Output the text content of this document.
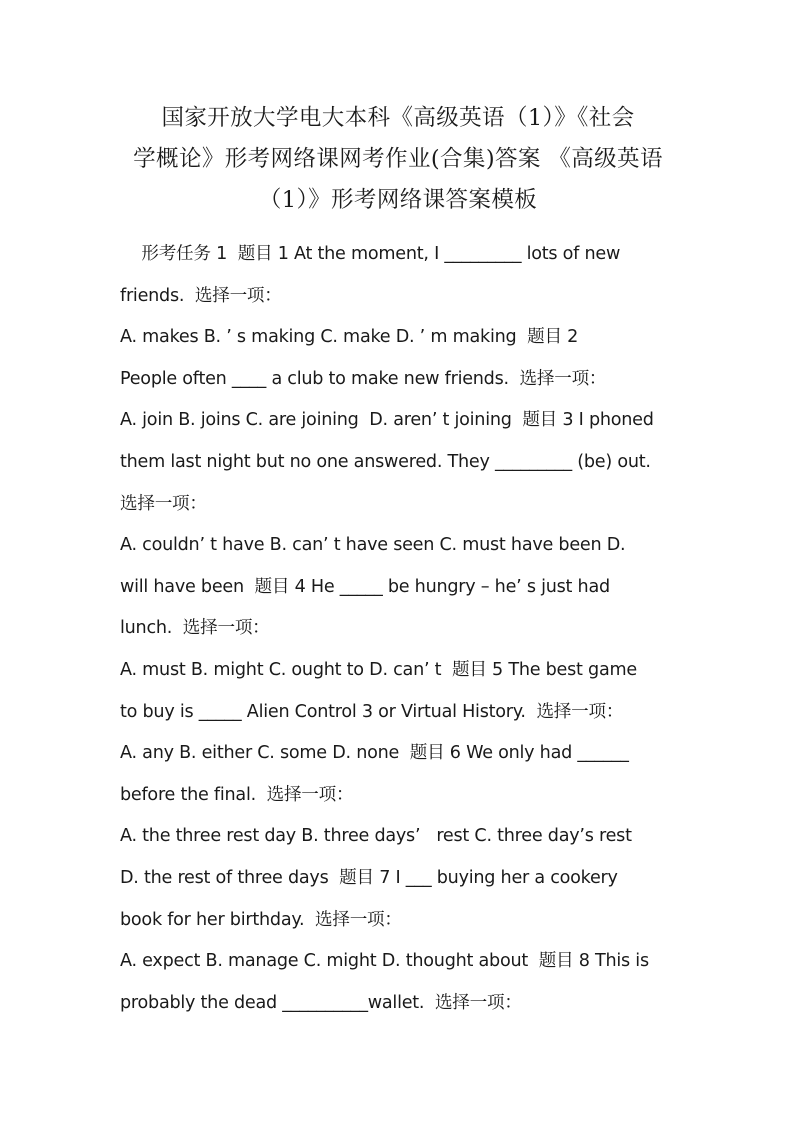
国家开放大学电大本科《高级英语（1）》《社会
学概论》形考网络课网考作业(合集)答案 《高级英语
（1）》形考网络课答案模板
形考任务 1  题目 1 At the moment, I _________ lots of new
friends.  选择一项：
A. makes B. ’ s making C. make D. ’ m making  题目 2
People often ____ a club to make new friends.  选择一项：
A. join B. joins C. are joining  D. aren’ t joining  题目 3 I phoned
them last night but no one answered. They _________ (be) out.
选择一项：
A. couldn’ t have B. can’ t have seen C. must have been D.
will have been  题目 4 He _____ be hungry – he’ s just had
lunch.  选择一项：
A. must B. might C. ought to D. can’ t  题目 5 The best game
to buy is _____ Alien Control 3 or Virtual History.  选择一项：
A. any B. either C. some D. none  题目 6 We only had ______
before the final.  选择一项：
A. the three rest day B. three days’   rest C. three day’s rest
D. the rest of three days  题目 7 I ___ buying her a cookery
book for her birthday.  选择一项：
A. expect B. manage C. might D. thought about  题目 8 This is
probably the dead __________wallet.  选择一项：
